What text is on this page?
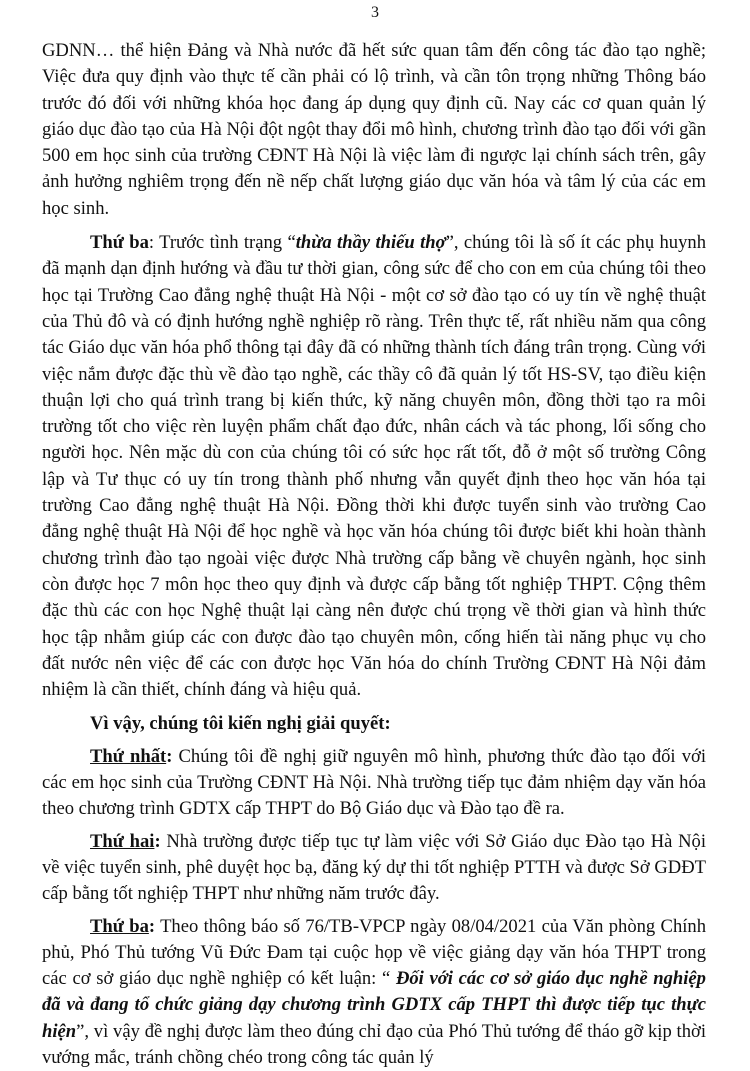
3

GDNN… thể hiện Đảng và Nhà nước đã hết sức quan tâm đến công tác đào tạo nghề; Việc đưa quy định vào thực tế cần phải có lộ trình, và cần tôn trọng những Thông báo trước đó đối với những khóa học đang áp dụng quy định cũ. Nay các cơ quan quản lý giáo dục đào tạo của Hà Nội đột ngột thay đổi mô hình, chương trình đào tạo đối với gần 500 em học sinh của trường CĐNT Hà Nội là việc làm đi ngược lại chính sách trên, gây ảnh hưởng nghiêm trọng đến nề nếp chất lượng giáo dục văn hóa và tâm lý của các em học sinh.

Thứ ba: Trước tình trạng “thừa thầy thiếu thợ”, chúng tôi là số ít các phụ huynh đã mạnh dạn định hướng và đầu tư thời gian, công sức để cho con em của chúng tôi theo học tại Trường Cao đẳng nghệ thuật Hà Nội - một cơ sở đào tạo có uy tín về nghệ thuật của Thủ đô và có định hướng nghề nghiệp rõ ràng. Trên thực tế, rất nhiều năm qua công tác Giáo dục văn hóa phổ thông tại đây đã có những thành tích đáng trân trọng. Cùng với việc nắm được đặc thù về đào tạo nghề, các thầy cô đã quản lý tốt HS-SV, tạo điều kiện thuận lợi cho quá trình trang bị kiến thức, kỹ năng chuyên môn, đồng thời tạo ra môi trường tốt cho việc rèn luyện phẩm chất đạo đức, nhân cách và tác phong, lối sống cho người học. Nên mặc dù con của chúng tôi có sức học rất tốt, đỗ ở một số trường Công lập và Tư thục có uy tín trong thành phố nhưng vẫn quyết định theo học văn hóa tại trường Cao đẳng nghệ thuật Hà Nội. Đồng thời khi được tuyển sinh vào trường Cao đẳng nghệ thuật Hà Nội để học nghề và học văn hóa chúng tôi được biết khi hoàn thành chương trình đào tạo ngoài việc được Nhà trường cấp bằng về chuyên ngành, học sinh còn được học 7 môn học theo quy định và được cấp bằng tốt nghiệp THPT. Cộng thêm đặc thù các con học Nghệ thuật lại càng nên được chú trọng về thời gian và hình thức học tập nhằm giúp các con được đào tạo chuyên môn, cống hiến tài năng phục vụ cho đất nước nên việc để các con được học Văn hóa do chính Trường CĐNT Hà Nội đảm nhiệm là cần thiết, chính đáng và hiệu quả.

Vì vậy, chúng tôi kiến nghị giải quyết:

Thứ nhất: Chúng tôi đề nghị giữ nguyên mô hình, phương thức đào tạo đối với các em học sinh của Trường CĐNT Hà Nội. Nhà trường tiếp tục đảm nhiệm dạy văn hóa theo chương trình GDTX cấp THPT do Bộ Giáo dục và Đào tạo đề ra.

Thứ hai: Nhà trường được tiếp tục tự làm việc với Sở Giáo dục Đào tạo Hà Nội về việc tuyển sinh, phê duyệt học bạ, đăng ký dự thi tốt nghiệp PTTH và được Sở GDĐT cấp bằng tốt nghiệp THPT như những năm trước đây.

Thứ ba: Theo thông báo số 76/TB-VPCP ngày 08/04/2021 của Văn phòng Chính phủ, Phó Thủ tướng Vũ Đức Đam tại cuộc họp về việc giảng dạy văn hóa THPT trong các cơ sở giáo dục nghề nghiệp có kết luận: “ Đối với các cơ sở giáo dục nghề nghiệp đã và đang tổ chức giảng dạy chương trình GDTX cấp THPT thì được tiếp tục thực hiện”, vì vậy đề nghị được làm theo đúng chỉ đạo của Phó Thủ tướng để tháo gỡ kịp thời vướng mắc, tránh chồng chéo trong công tác quản lý
